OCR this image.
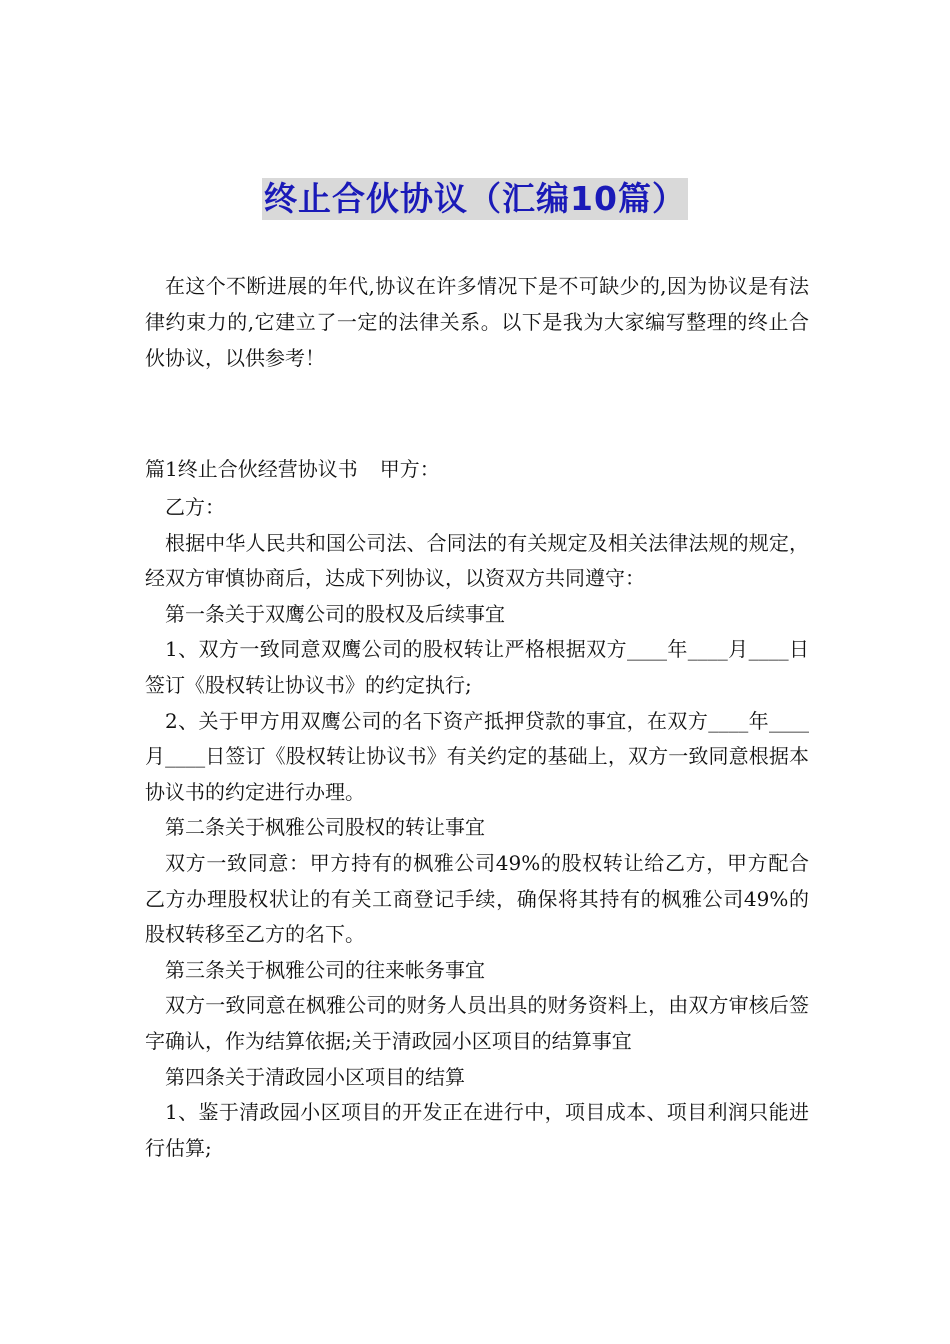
终止合伙协议（汇编10篇）

在这个不断进展的年代,协议在许多情况下是不可缺少的,因为协议是有法律约束力的,它建立了一定的法律关系。以下是我为大家编写整理的终止合伙协议，以供参考！

篇1终止合伙经营协议书 甲方：

乙方：

根据中华人民共和国公司法、合同法的有关规定及相关法律法规的规定，经双方审慎协商后，达成下列协议，以资双方共同遵守：

第一条关于双鹰公司的股权及后续事宜

1、双方一致同意双鹰公司的股权转让严格根据双方____年____月____日签订《股权转让协议书》的约定执行;

2、关于甲方用双鹰公司的名下资产抵押贷款的事宜，在双方____年____月____日签订《股权转让协议书》有关约定的基础上，双方一致同意根据本协议书的约定进行办理。

第二条关于枫雅公司股权的转让事宜

双方一致同意：甲方持有的枫雅公司49%的股权转让给乙方，甲方配合乙方办理股权状让的有关工商登记手续，确保将其持有的枫雅公司49%的股权转移至乙方的名下。

第三条关于枫雅公司的往来帐务事宜

双方一致同意在枫雅公司的财务人员出具的财务资料上，由双方审核后签字确认，作为结算依据;关于清政园小区项目的结算事宜

第四条关于清政园小区项目的结算

1、鉴于清政园小区项目的开发正在进行中，项目成本、项目利润只能进行估算;
